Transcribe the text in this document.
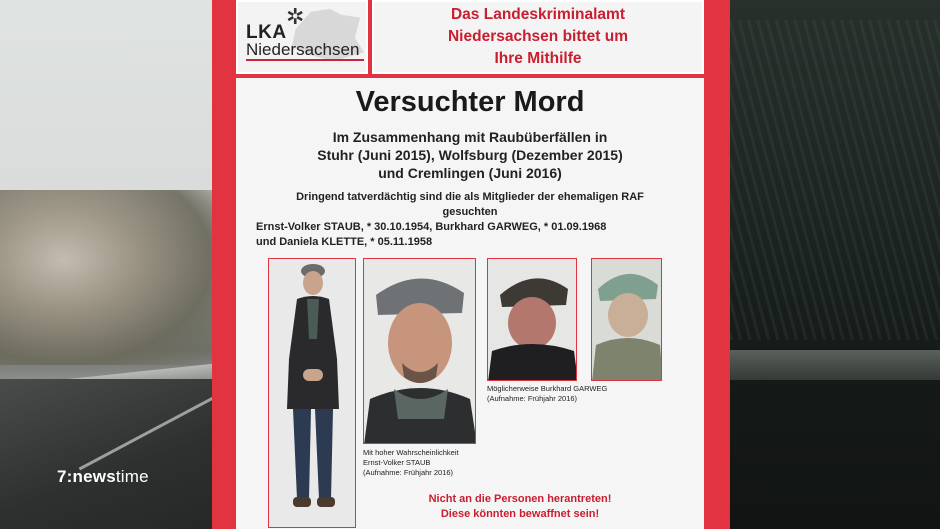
✲
LKA
Niedersachsen
Das Landeskriminalamt
Niedersachsen bittet um
Ihre Mithilfe
Versuchter Mord
Im Zusammenhang mit Raubüberfällen in
Stuhr (Juni 2015), Wolfsburg (Dezember 2015)
und Cremlingen (Juni 2016)
Dringend tatverdächtig sind die als Mitglieder der ehemaligen RAF
gesuchten
Ernst-Volker STAUB, * 30.10.1954, Burkhard GARWEG, * 01.09.1968
und Daniela KLETTE, * 05.11.1958
Mit hoher Wahrscheinlichkeit
Ernst-Volker STAUB
(Aufnahme: Frühjahr 2016)
Möglicherweise Burkhard GARWEG
(Aufnahme: Frühjahr 2016)
Nicht an die Personen herantreten!
Diese könnten bewaffnet sein!
7:newstime
